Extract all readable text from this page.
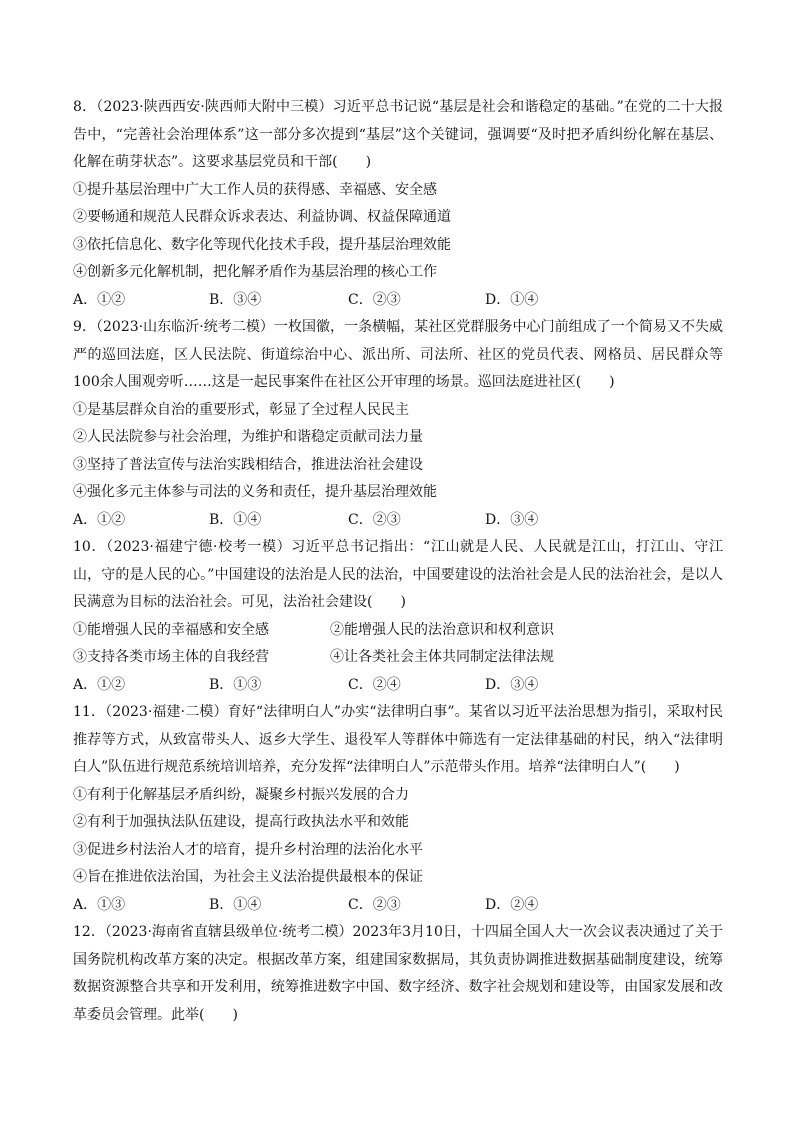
8．（2023·陕西西安·陕西师大附中三模）习近平总书记说“基层是社会和谐稳定的基础。”在党的二十大报告中，“完善社会治理体系”这一部分多次提到“基层”这个关键词，强调要“及时把矛盾纠纷化解在基层、化解在萌芽状态”。这要求基层党员和干部(　　)

①提升基层治理中广大工作人员的获得感、幸福感、安全感

②要畅通和规范人民群众诉求表达、利益协调、权益保障通道

③依托信息化、数字化等现代化技术手段，提升基层治理效能

④创新多元化解机制，把化解矛盾作为基层治理的核心工作

A．①②	B．③④	C．②③	D．①④

9．（2023·山东临沂·统考二模）一枚国徽，一条横幅，某社区党群服务中心门前组成了一个简易又不失威严的巡回法庭，区人民法院、街道综治中心、派出所、司法所、社区的党员代表、网格员、居民群众等100余人围观旁听……这是一起民事案件在社区公开审理的场景。巡回法庭进社区(　　)

①是基层群众自治的重要形式，彰显了全过程人民民主

②人民法院参与社会治理，为维护和谐稳定贡献司法力量

③坚持了普法宣传与法治实践相结合，推进法治社会建设

④强化多元主体参与司法的义务和责任，提升基层治理效能

A．①②	B．①④	C．②③	D．③④

10．（2023·福建宁德·校考一模）习近平总书记指出：“江山就是人民、人民就是江山，打江山、守江山，守的是人民的心。”中国建设的法治是人民的法治，中国要建设的法治社会是人民的法治社会，是以人民满意为目标的法治社会。可见，法治社会建设(　　)

①能增强人民的幸福感和安全感	②能增强人民的法治意识和权利意识
③支持各类市场主体的自我经营	④让各类社会主体共同制定法律法规
A．①②	B．①③	C．②④	D．③④

11．（2023·福建·二模）育好“法律明白人”办实“法律明白事”。某省以习近平法治思想为指引，采取村民推荐等方式，从致富带头人、返乡大学生、退役军人等群体中筛选有一定法律基础的村民，纳入“法律明白人”队伍进行规范系统培训培养，充分发挥“法律明白人”示范带头作用。培养“法律明白人”(　　)

①有利于化解基层矛盾纠纷，凝聚乡村振兴发展的合力

②有利于加强执法队伍建设，提高行政执法水平和效能

③促进乡村法治人才的培育，提升乡村治理的法治化水平

④旨在推进依法治国，为社会主义法治提供最根本的保证

A．①③	B．①④	C．②③	D．②④

12．（2023·海南省直辖县级单位·统考二模）2023年3月10日，十四届全国人大一次会议表决通过了关于国务院机构改革方案的决定。根据改革方案，组建国家数据局，其负责协调推进数据基础制度建设，统筹数据资源整合共享和开发利用，统筹推进数字中国、数字经济、数字社会规划和建设等，由国家发展和改革委员会管理。此举(　　)
